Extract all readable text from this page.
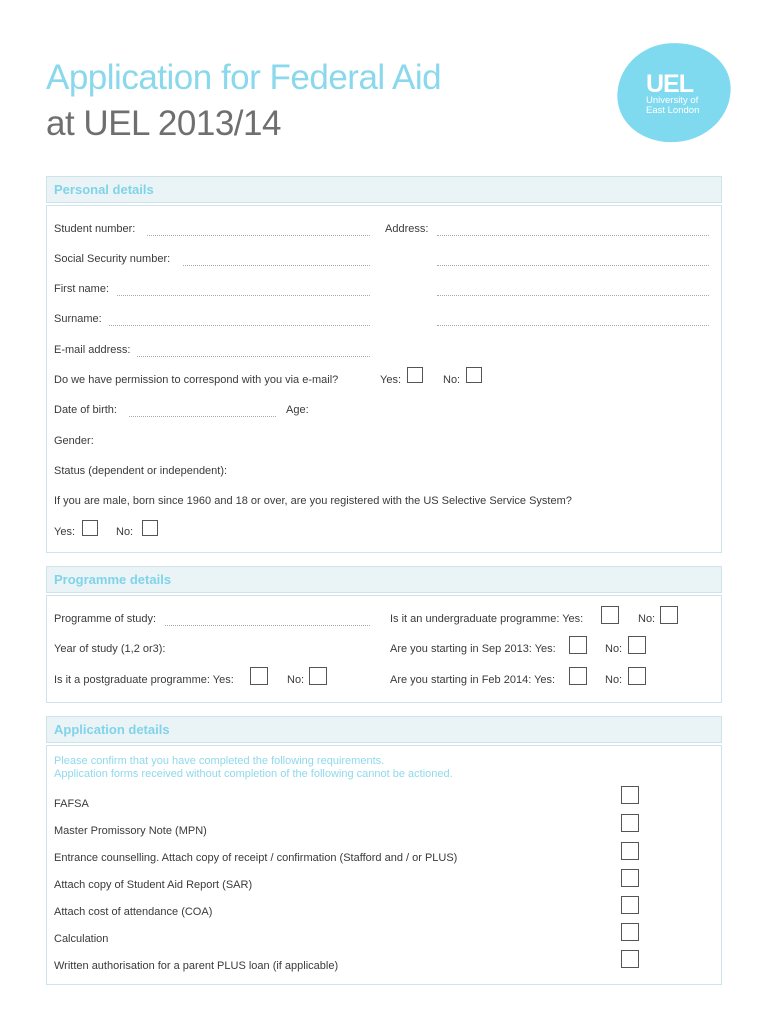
Application for Federal Aid
at UEL 2013/14
UEL
University of
East London
Personal details
Student number:	Address:
Social Security number:
First name:
Surname:
E-mail address:
Do we have permission to correspond with you via e-mail?	Yes:	No:
Date of birth:	Age:
Gender:
Status (dependent or independent):
If you are male, born since 1960 and 18 or over, are you registered with the US Selective Service System?
Yes:	No:
Programme details
Programme of study:	Is it an undergraduate programme: Yes:	No:
Year of study (1,2 or3):	Are you starting in Sep 2013: Yes:	No:
Is it a postgraduate programme: Yes:	No:	Are you starting in Feb 2014: Yes:	No:
Application details
Please confirm that you have completed the following requirements.
Application forms received without completion of the following cannot be actioned.
FAFSA
Master Promissory Note (MPN)
Entrance counselling. Attach copy of receipt / confirmation (Stafford and / or PLUS)
Attach copy of Student Aid Report (SAR)
Attach cost of attendance (COA)
Calculation
Written authorisation for a parent PLUS loan (if applicable)
